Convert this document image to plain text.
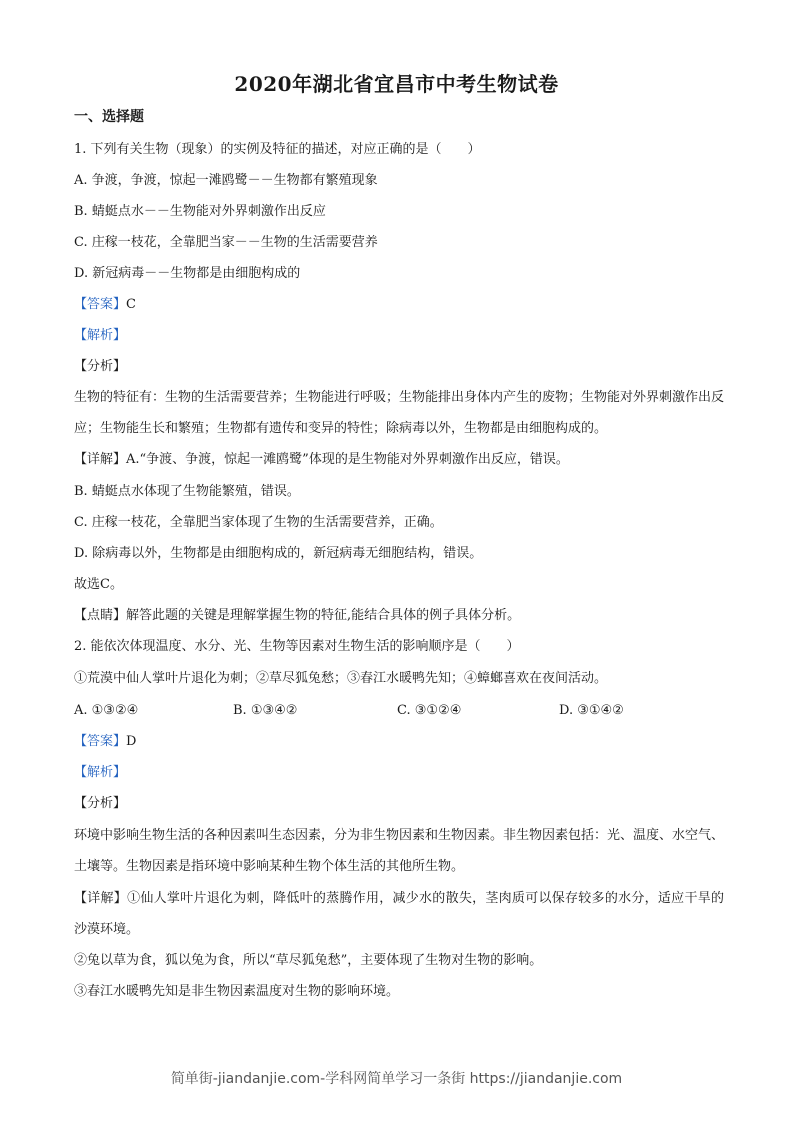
2020年湖北省宜昌市中考生物试卷
一、选择题
1. 下列有关生物（现象）的实例及特征的描述，对应正确的是（　　）
A. 争渡，争渡，惊起一滩鸥鹭－－生物都有繁殖现象
B. 蜻蜓点水－－生物能对外界刺激作出反应
C. 庄稼一枝花，全靠肥当家－－生物的生活需要营养
D. 新冠病毒－－生物都是由细胞构成的
【答案】C
【解析】
【分析】
生物的特征有：生物的生活需要营养；生物能进行呼吸；生物能排出身体内产生的废物；生物能对外界刺激作出反应；生物能生长和繁殖；生物都有遗传和变异的特性；除病毒以外，生物都是由细胞构成的。
【详解】A.“争渡、争渡，惊起一滩鸥鹭”体现的是生物能对外界刺激作出反应，错误。
B. 蜻蜓点水体现了生物能繁殖，错误。
C. 庄稼一枝花，全靠肥当家体现了生物的生活需要营养，正确。
D. 除病毒以外，生物都是由细胞构成的，新冠病毒无细胞结构，错误。
故选C。
【点睛】解答此题的关键是理解掌握生物的特征,能结合具体的例子具体分析。
2. 能依次体现温度、水分、光、生物等因素对生物生活的影响顺序是（　　）
①荒漠中仙人掌叶片退化为刺；②草尽狐兔愁；③春江水暖鸭先知；④蟑螂喜欢在夜间活动。
A. ①③②④	B. ①③④②	C. ③①②④	D. ③①④②
【答案】D
【解析】
【分析】
环境中影响生物生活的各种因素叫生态因素，分为非生物因素和生物因素。非生物因素包括：光、温度、水空气、土壤等。生物因素是指环境中影响某种生物个体生活的其他所生物。
【详解】①仙人掌叶片退化为刺，降低叶的蒸腾作用，减少水的散失，茎肉质可以保存较多的水分，适应干旱的沙漠环境。
②兔以草为食，狐以兔为食，所以“草尽狐兔愁”，主要体现了生物对生物的影响。
③春江水暖鸭先知是非生物因素温度对生物的影响环境。
简单街-jiandanjie.com-学科网简单学习一条街 https://jiandanjie.com
